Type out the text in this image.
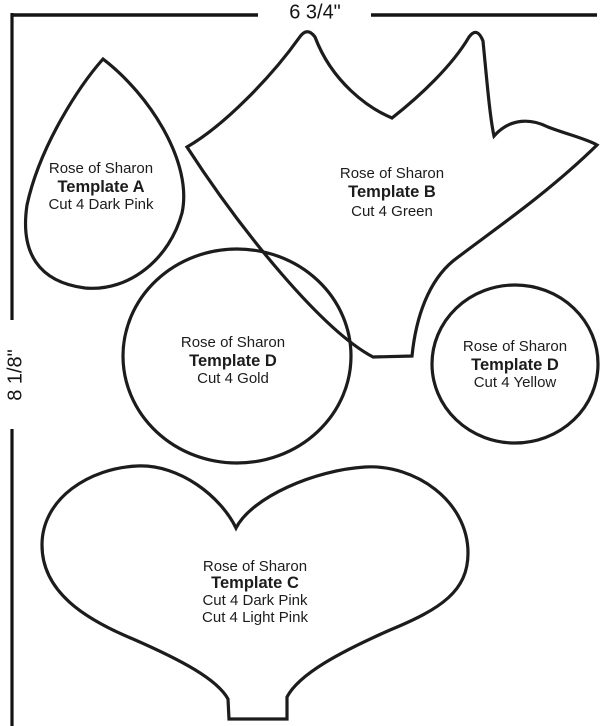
6 3/4"
8 1/8"
Rose of Sharon
Template A
Cut 4 Dark Pink
Rose of Sharon
Template B
Cut 4 Green
Rose of Sharon
Template D
Cut 4 Gold
Rose of Sharon
Template D
Cut 4 Yellow
Rose of Sharon
Template C
Cut 4 Dark Pink
Cut 4 Light Pink
